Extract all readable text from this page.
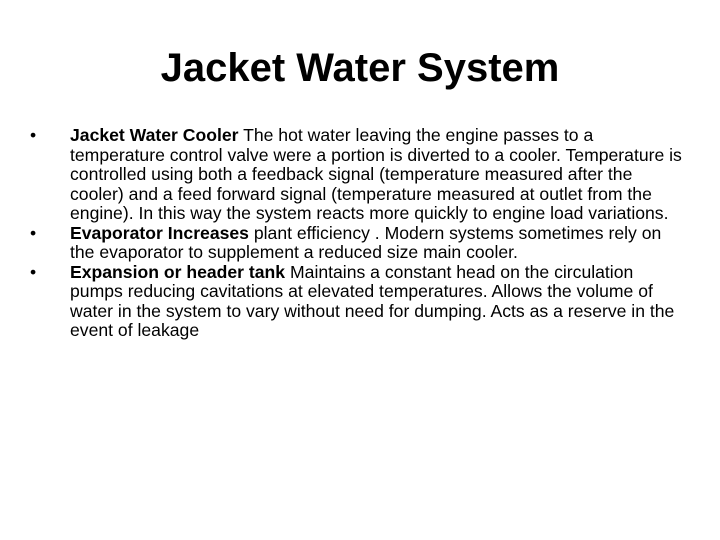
Jacket Water System
•	Jacket Water Cooler The hot water leaving the engine passes to a temperature control valve were a portion is diverted to a cooler. Temperature is controlled using both a feedback signal (temperature measured after the cooler) and a feed forward signal (temperature measured at outlet from the engine). In this way the system reacts more quickly to engine load variations.
•	Evaporator Increases plant efficiency . Modern systems sometimes rely on the evaporator to supplement a reduced size main cooler.
•	Expansion or header tank Maintains a constant head on the circulation pumps reducing cavitations at elevated temperatures. Allows the volume of water in the system to vary without need for dumping. Acts as a reserve in the event of leakage
